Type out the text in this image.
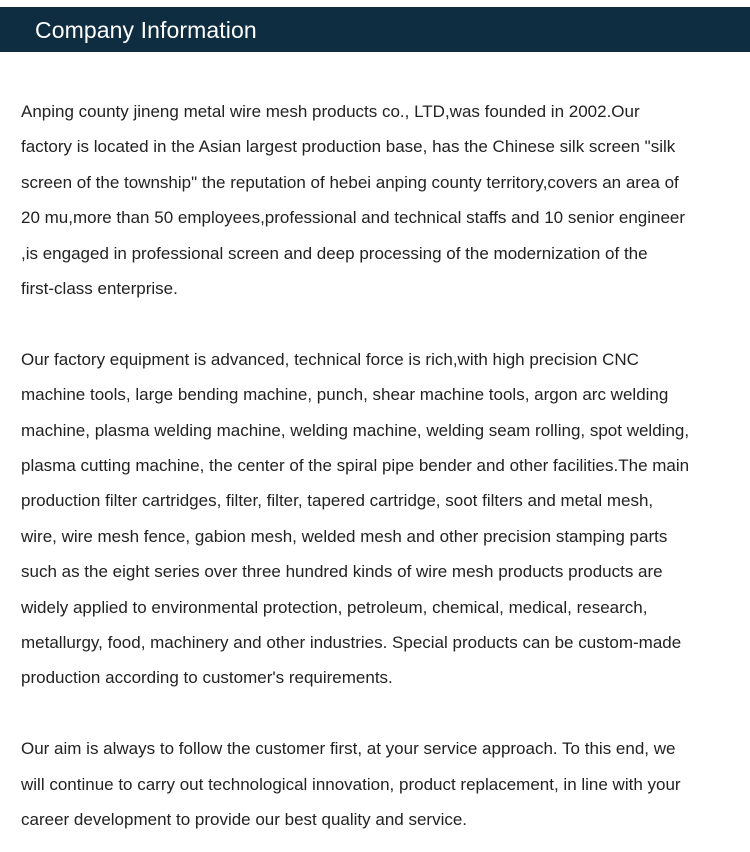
Company Information

Anping county jineng metal wire mesh products co., LTD,was founded in 2002.Our
factory is located in the Asian largest production base, has the Chinese silk screen "silk
screen of the township" the reputation of hebei anping county territory,covers an area of
20 mu,more than 50 employees,professional and technical staffs and 10 senior engineer
,is engaged in professional screen and deep processing of the modernization of the
first-class enterprise.

Our factory equipment is advanced, technical force is rich,with high precision CNC
machine tools, large bending machine, punch, shear machine tools, argon arc welding
machine, plasma welding machine, welding machine, welding seam rolling, spot welding,
plasma cutting machine, the center of the spiral pipe bender and other facilities.The main
production filter cartridges, filter, filter, tapered cartridge, soot filters and metal mesh,
wire, wire mesh fence, gabion mesh, welded mesh and other precision stamping parts
such as the eight series over three hundred kinds of wire mesh products products are
widely applied to environmental protection, petroleum, chemical, medical, research,
metallurgy, food, machinery and other industries. Special products can be custom-made
production according to customer's requirements.

Our aim is always to follow the customer first, at your service approach. To this end, we
will continue to carry out technological innovation, product replacement, in line with your
career development to provide our best quality and service.
